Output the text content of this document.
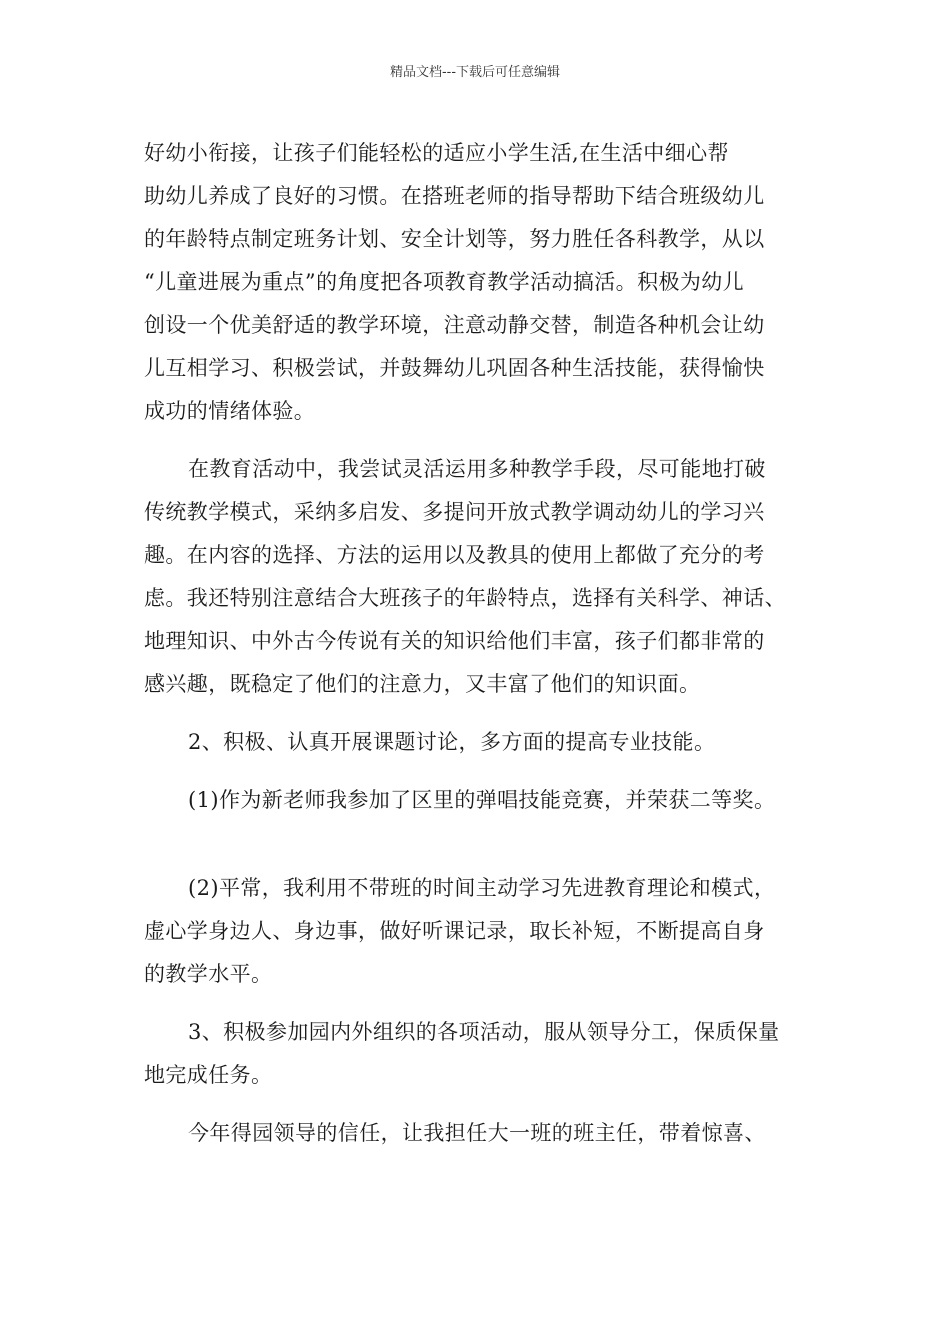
精品文档---下载后可任意编辑
好幼小衔接，让孩子们能轻松的适应小学生活,在生活中细心帮
助幼儿养成了良好的习惯。在搭班老师的指导帮助下结合班级幼儿
的年龄特点制定班务计划、安全计划等，努力胜任各科教学，从以
“儿童进展为重点”的角度把各项教育教学活动搞活。积极为幼儿
创设一个优美舒适的教学环境，注意动静交替，制造各种机会让幼
儿互相学习、积极尝试，并鼓舞幼儿巩固各种生活技能，获得愉快
成功的情绪体验。
在教育活动中，我尝试灵活运用多种教学手段，尽可能地打破
传统教学模式，采纳多启发、多提问开放式教学调动幼儿的学习兴
趣。在内容的选择、方法的运用以及教具的使用上都做了充分的考
虑。我还特别注意结合大班孩子的年龄特点，选择有关科学、神话、
地理知识、中外古今传说有关的知识给他们丰富，孩子们都非常的
感兴趣，既稳定了他们的注意力，又丰富了他们的知识面。
2、积极、认真开展课题讨论，多方面的提高专业技能。
(1)作为新老师我参加了区里的弹唱技能竞赛，并荣获二等奖。
(2)平常，我利用不带班的时间主动学习先进教育理论和模式，
虚心学身边人、身边事，做好听课记录，取长补短，不断提高自身
的教学水平。
3、积极参加园内外组织的各项活动，服从领导分工，保质保量
地完成任务。
今年得园领导的信任，让我担任大一班的班主任，带着惊喜、
